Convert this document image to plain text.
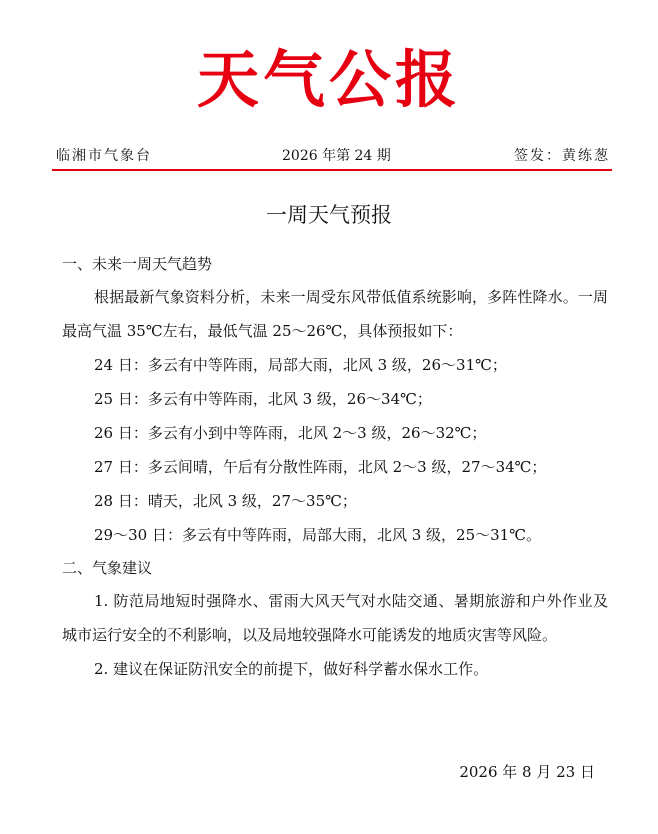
天气公报
临湘市气象台	2026 年第 24 期	签发：黄练葱
一周天气预报

一、未来一周天气趋势

根据最新气象资料分析，未来一周受东风带低值系统影响，多阵性降水。一周最高气温 35℃左右，最低气温 25～26℃，具体预报如下：

24 日：多云有中等阵雨，局部大雨，北风 3 级，26～31℃；

25 日：多云有中等阵雨，北风 3 级，26～34℃；

26 日：多云有小到中等阵雨，北风 2～3 级，26～32℃；

27 日：多云间晴，午后有分散性阵雨，北风 2～3 级，27～34℃；

28 日：晴天，北风 3 级，27～35℃；

29～30 日：多云有中等阵雨，局部大雨，北风 3 级，25～31℃。

二、气象建议

1. 防范局地短时强降水、雷雨大风天气对水陆交通、暑期旅游和户外作业及城市运行安全的不利影响，以及局地较强降水可能诱发的地质灾害等风险。

2. 建议在保证防汛安全的前提下，做好科学蓄水保水工作。

2026 年 8 月 23 日
